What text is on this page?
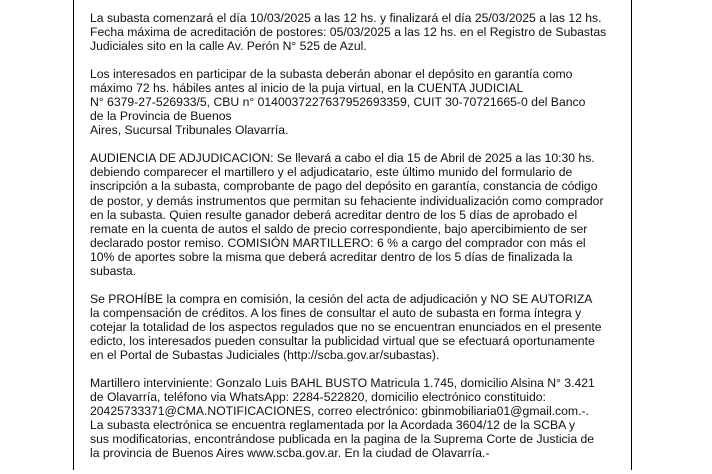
La subasta comenzará el día 10/03/2025 a las 12 hs. y finalizará el día 25/03/2025 a las 12 hs.
Fecha máxima de acreditación de postores: 05/03/2025 a las 12 hs. en el Registro de Subastas
Judiciales sito en la calle Av. Perón N° 525 de Azul.
Los interesados en participar de la subasta deberán abonar el depósito en garantía como
máximo 72 hs. hábiles antes al inicio de la puja virtual, en la CUENTA JUDICIAL
N° 6379-27-526933/5, CBU n° 0140037227637952693359, CUIT 30-70721665-0 del Banco
de la Provincia de Buenos
Aires, Sucursal Tribunales Olavarría.
AUDIENCIA DE ADJUDICACION: Se llevará a cabo el dia 15 de Abril de 2025 a las 10:30 hs.
debiendo comparecer el martillero y el adjudicatario, este último munido del formulario de
inscripción a la subasta, comprobante de pago del depósito en garantía, constancia de código
de postor, y demás instrumentos que permitan su fehaciente individualización como comprador
en la subasta. Quien resulte ganador deberá acreditar dentro de los 5 días de aprobado el
remate en la cuenta de autos el saldo de precio correspondiente, bajo apercibimiento de ser
declarado postor remiso. COMISIÓN MARTILLERO: 6 % a cargo del comprador con más el
10% de aportes sobre la misma que deberá acreditar dentro de los 5 días de finalizada la
subasta.
Se PROHÍBE la compra en comisión, la cesión del acta de adjudicación y NO SE AUTORIZA
la compensación de créditos. A los fines de consultar el auto de subasta en forma íntegra y
cotejar la totalidad de los aspectos regulados que no se encuentran enunciados en el presente
edicto, los interesados pueden consultar la publicidad virtual que se efectuará oportunamente
en el Portal de Subastas Judiciales (http://scba.gov.ar/subastas).
Martillero interviniente: Gonzalo Luis BAHL BUSTO Matricula 1.745, domicilio Alsina N° 3.421
de Olavarría, teléfono via WhatsApp: 2284-522820, domicilio electrónico constituido:
20425733371@CMA.NOTIFICACIONES, correo electrónico: gbinmobiliaria01@gmail.com.-.
La subasta electrónica se encuentra reglamentada por la Acordada 3604/12 de la SCBA y
sus modificatorias, encontrándose publicada en la pagina de la Suprema Corte de Justicia de
la provincia de Buenos Aires www.scba.gov.ar. En la ciudad de Olavarría.-
